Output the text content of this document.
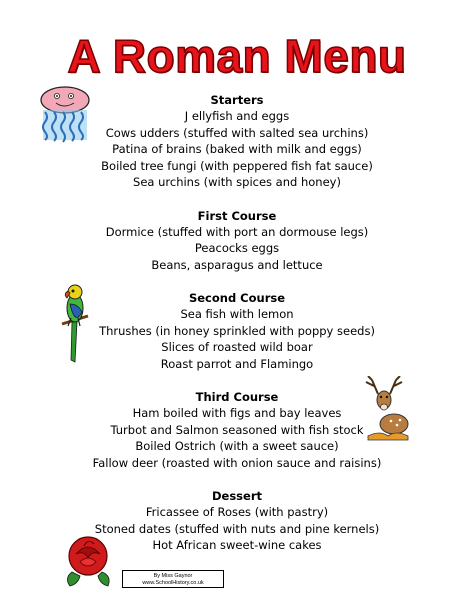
A Roman Menu
Starters
J ellyfish and eggs
Cows udders (stuffed with salted sea urchins)
Patina of brains (baked with milk and eggs)
Boiled tree fungi (with peppered fish fat sauce)
Sea urchins (with spices and honey)
First Course
Dormice (stuffed with port an dormouse legs)
Peacocks eggs
Beans, asparagus and lettuce
Second Course
Sea fish with lemon
Thrushes (in honey sprinkled with poppy seeds)
Slices of roasted wild boar
Roast parrot and Flamingo
Third Course
Ham boiled with figs and bay leaves
Turbot and Salmon seasoned with fish stock
Boiled Ostrich (with a sweet sauce)
Fallow deer (roasted with onion sauce and raisins)
Dessert
Fricassee of Roses (with pastry)
Stoned dates (stuffed with nuts and pine kernels)
Hot African sweet-wine cakes
By Miss Gaynor
www.SchoolHistory.co.uk
